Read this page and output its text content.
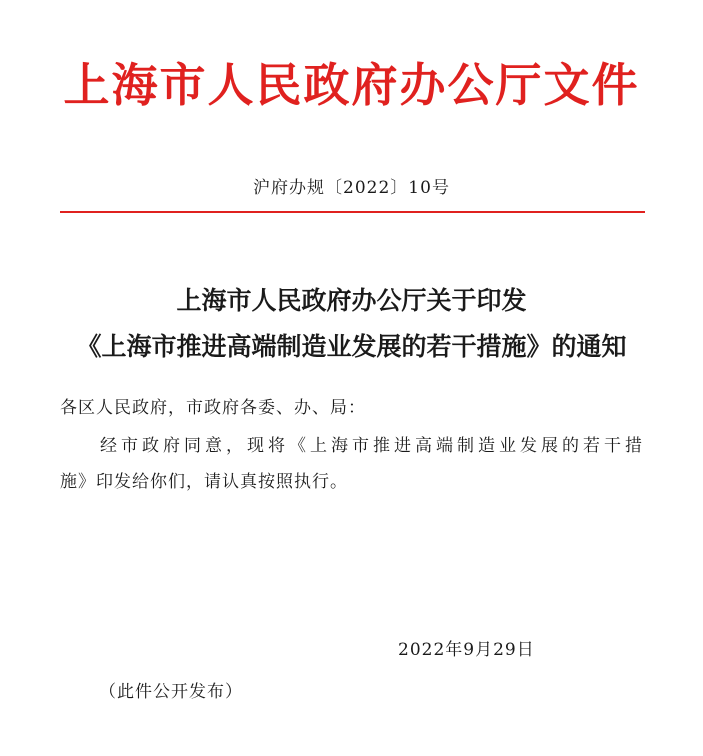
上海市人民政府办公厅文件
沪府办规〔2022〕10号
上海市人民政府办公厅关于印发
《上海市推进高端制造业发展的若干措施》的通知
各区人民政府，市政府各委、办、局：
经市政府同意，现将《上海市推进高端制造业发展的若干措
施》印发给你们，请认真按照执行。
2022年9月29日
（此件公开发布）
